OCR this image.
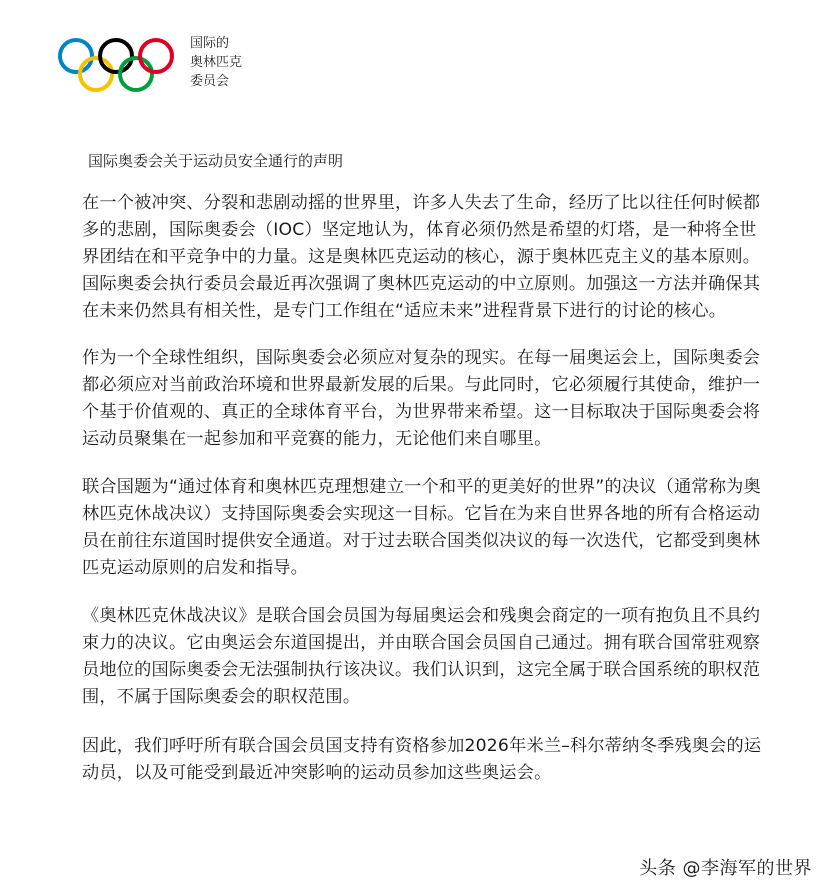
国际的
奥林匹克
委员会
国际奥委会关于运动员安全通行的声明

在一个被冲突、分裂和悲剧动摇的世界里，许多人失去了生命，经历了比以往任何时候都多的悲剧，国际奥委会（IOC）坚定地认为，体育必须仍然是希望的灯塔，是一种将全世界团结在和平竞争中的力量。这是奥林匹克运动的核心，源于奥林匹克主义的基本原则。国际奥委会执行委员会最近再次强调了奥林匹克运动的中立原则。加强这一方法并确保其在未来仍然具有相关性，是专门工作组在“适应未来”进程背景下进行的讨论的核心。

作为一个全球性组织，国际奥委会必须应对复杂的现实。在每一届奥运会上，国际奥委会都必须应对当前政治环境和世界最新发展的后果。与此同时，它必须履行其使命，维护一个基于价值观的、真正的全球体育平台，为世界带来希望。这一目标取决于国际奥委会将运动员聚集在一起参加和平竞赛的能力，无论他们来自哪里。

联合国题为“通过体育和奥林匹克理想建立一个和平的更美好的世界”的决议（通常称为奥林匹克休战决议）支持国际奥委会实现这一目标。它旨在为来自世界各地的所有合格运动员在前往东道国时提供安全通道。对于过去联合国类似决议的每一次迭代，它都受到奥林匹克运动原则的启发和指导。

《奥林匹克休战决议》是联合国会员国为每届奥运会和残奥会商定的一项有抱负且不具约束力的决议。它由奥运会东道国提出，并由联合国会员国自己通过。拥有联合国常驻观察员地位的国际奥委会无法强制执行该决议。我们认识到，这完全属于联合国系统的职权范围，不属于国际奥委会的职权范围。

因此，我们呼吁所有联合国会员国支持有资格参加2026年米兰–科尔蒂纳冬季残奥会的运动员，以及可能受到最近冲突影响的运动员参加这些奥运会。

头条 @李海军的世界
